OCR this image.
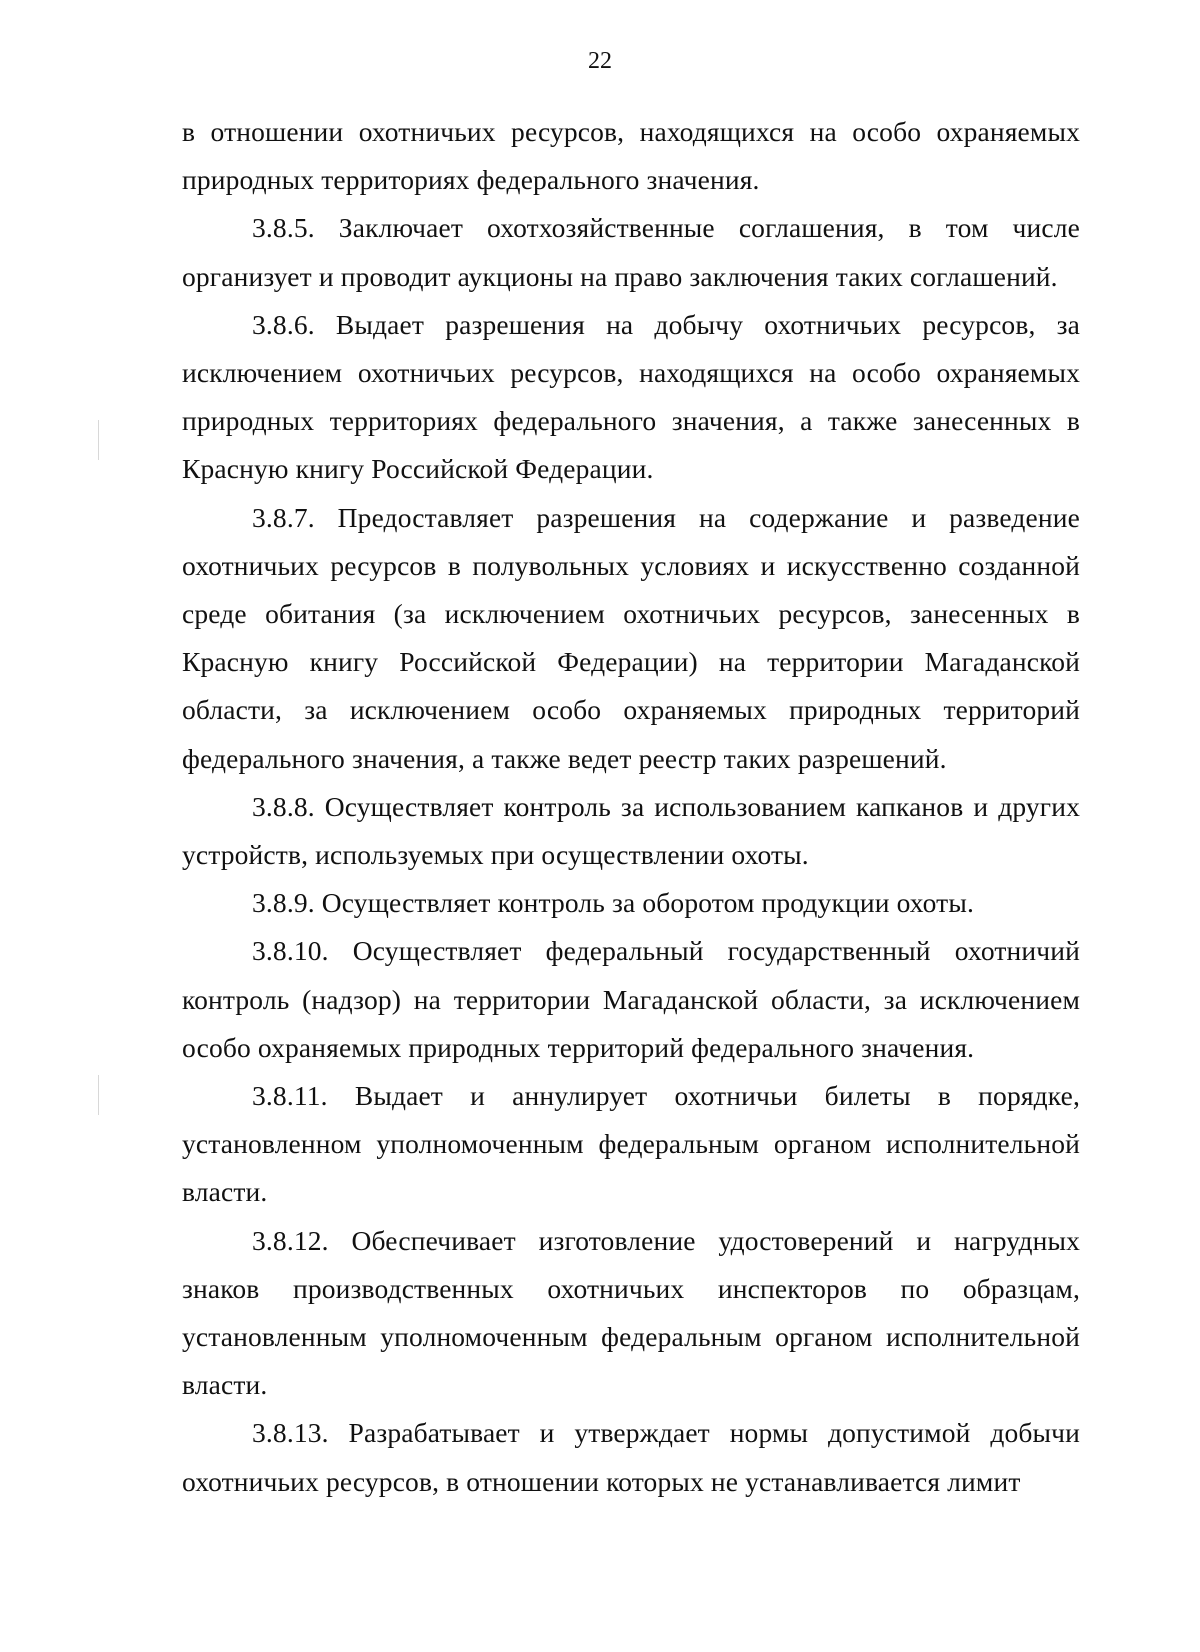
22

в отношении охотничьих ресурсов, находящихся на особо охраняемых природных территориях федерального значения.

3.8.5. Заключает охотхозяйственные соглашения, в том числе организует и проводит аукционы на право заключения таких соглашений.

3.8.6. Выдает разрешения на добычу охотничьих ресурсов, за исключением охотничьих ресурсов, находящихся на особо охраняемых природных территориях федерального значения, а также занесенных в Красную книгу Российской Федерации.

3.8.7. Предоставляет разрешения на содержание и разведение охотничьих ресурсов в полувольных условиях и искусственно созданной среде обитания (за исключением охотничьих ресурсов, занесенных в Красную книгу Российской Федерации) на территории Магаданской области, за исключением особо охраняемых природных территорий федерального значения, а также ведет реестр таких разрешений.

3.8.8. Осуществляет контроль за использованием капканов и других устройств, используемых при осуществлении охоты.

3.8.9. Осуществляет контроль за оборотом продукции охоты.

3.8.10. Осуществляет федеральный государственный охотничий контроль (надзор) на территории Магаданской области, за исключением особо охраняемых природных территорий федерального значения.

3.8.11. Выдает и аннулирует охотничьи билеты в порядке, установленном уполномоченным федеральным органом исполнительной власти.

3.8.12. Обеспечивает изготовление удостоверений и нагрудных знаков производственных охотничьих инспекторов по образцам, установленным уполномоченным федеральным органом исполнительной власти.

3.8.13. Разрабатывает и утверждает нормы допустимой добычи охотничьих ресурсов, в отношении которых не устанавливается лимит
